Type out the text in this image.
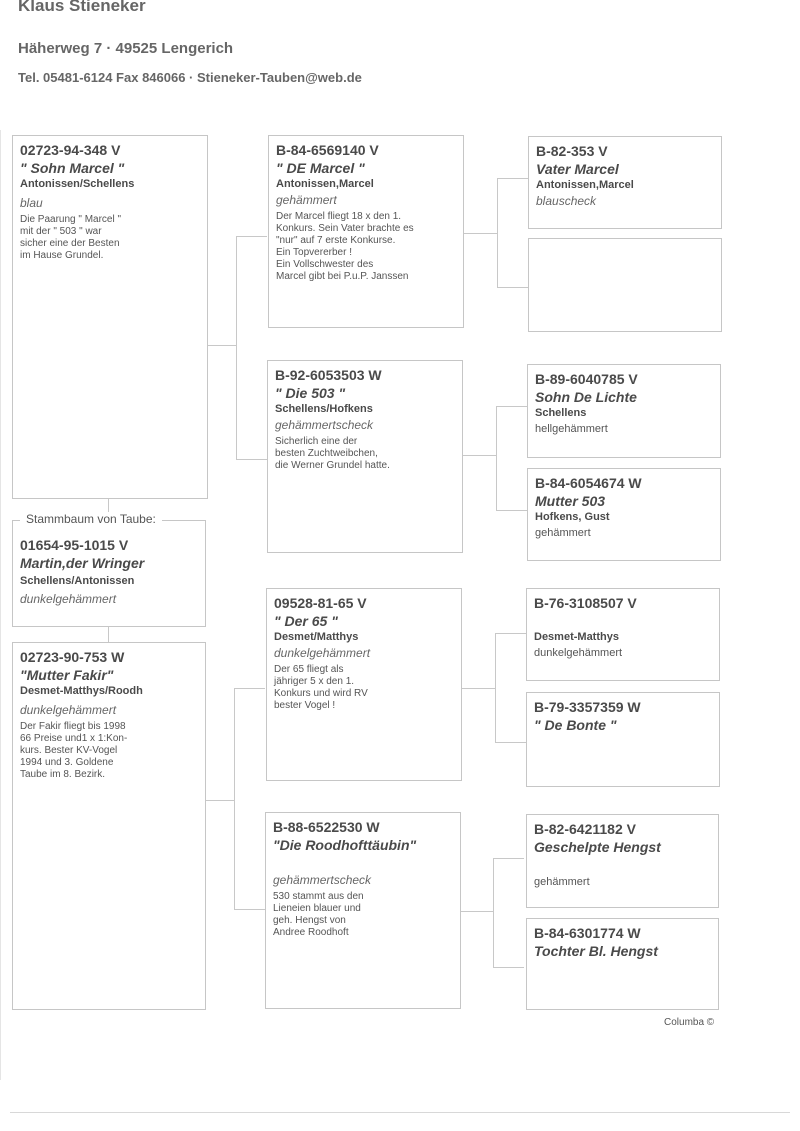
Klaus Stieneker
Häherweg 7 · 49525 Lengerich
Tel. 05481-6124 Fax 846066 · Stieneker-Tauben@web.de
02723-94-348 V
" Sohn Marcel "
Antonissen/Schellens
blau
Die Paarung " Marcel "
mit der " 503 " war
sicher eine der Besten
im Hause Grundel.
01654-95-1015 V
Martin,der Wringer
Schellens/Antonissen
dunkelgehämmert
Stammbaum von Taube:
02723-90-753 W
"Mutter Fakir"
Desmet-Matthys/Roodh
dunkelgehämmert
Der Fakir fliegt bis 1998
66 Preise und1 x 1:Kon-
kurs. Bester KV-Vogel
1994 und 3. Goldene
Taube im 8. Bezirk.
B-84-6569140 V
" DE Marcel "
Antonissen,Marcel
gehämmert
Der Marcel fliegt 18 x den 1.
Konkurs. Sein Vater brachte es
"nur" auf 7 erste Konkurse.
Ein Topvererber !
Ein Vollschwester des
Marcel gibt bei P.u.P. Janssen
B-92-6053503 W
" Die 503 "
Schellens/Hofkens
gehämmertscheck
Sicherlich eine der
besten Zuchtweibchen,
die Werner Grundel hatte.
09528-81-65 V
" Der 65 "
Desmet/Matthys
dunkelgehämmert
Der 65 fliegt als
jähriger 5 x den 1.
Konkurs und wird RV
bester Vogel !
B-88-6522530 W
"Die Roodhofttäubin"
gehämmertscheck
530 stammt aus den
Lieneien blauer und
geh. Hengst von
Andree Roodhoft
B-82-353 V
Vater Marcel
Antonissen,Marcel
blauscheck
B-89-6040785 V
Sohn De Lichte
Schellens
hellgehämmert
B-84-6054674 W
Mutter 503
Hofkens, Gust
gehämmert
B-76-3108507 V
Desmet-Matthys
dunkelgehämmert
B-79-3357359 W
" De Bonte "
B-82-6421182 V
Geschelpte Hengst
gehämmert
B-84-6301774 W
Tochter Bl. Hengst
Columba ©
